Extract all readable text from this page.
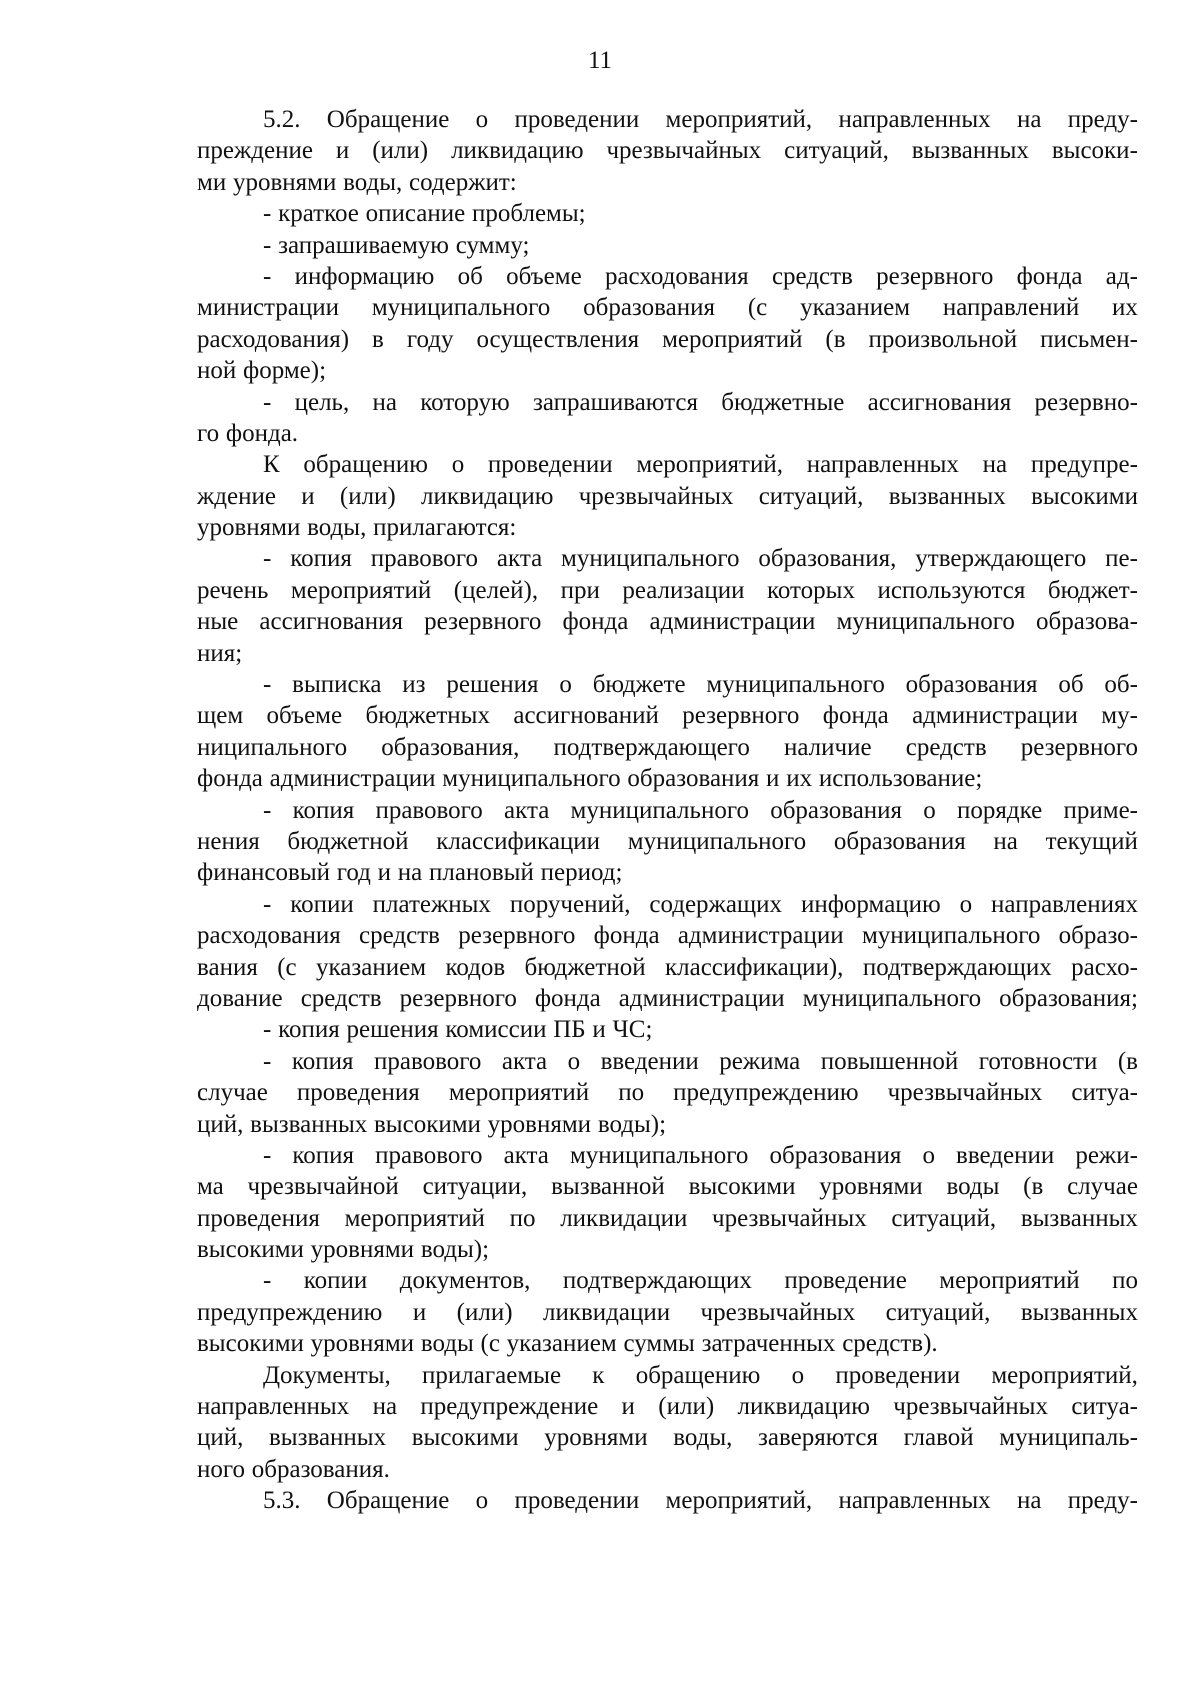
11
5.2. Обращение о проведении мероприятий, направленных на преду-
преждение и (или) ликвидацию чрезвычайных ситуаций, вызванных высоки-
ми уровнями воды, содержит:
- краткое описание проблемы;
- запрашиваемую сумму;
- информацию об объеме расходования средств резервного фонда ад-
министрации муниципального образования (с указанием направлений их
расходования) в году осуществления мероприятий (в произвольной письмен-
ной форме);
- цель, на которую запрашиваются бюджетные ассигнования резервно-
го фонда.
К обращению о проведении мероприятий, направленных на предупре-
ждение и (или) ликвидацию чрезвычайных ситуаций, вызванных высокими
уровнями воды, прилагаются:
- копия правового акта муниципального образования, утверждающего пе-
речень мероприятий (целей), при реализации которых используются бюджет-
ные ассигнования резервного фонда администрации муниципального образова-
ния;
- выписка из решения о бюджете муниципального образования об об-
щем объеме бюджетных ассигнований резервного фонда администрации му-
ниципального образования, подтверждающего наличие средств резервного
фонда администрации муниципального образования и их использование;
- копия правового акта муниципального образования о порядке приме-
нения бюджетной классификации муниципального образования на текущий
финансовый год и на плановый период;
- копии платежных поручений, содержащих информацию о направлениях
расходования средств резервного фонда администрации муниципального образо-
вания (с указанием кодов бюджетной классификации), подтверждающих расхо-
дование средств резервного фонда администрации муниципального образования;
- копия решения комиссии ПБ и ЧС;
- копия правового акта о введении режима повышенной готовности (в
случае проведения мероприятий по предупреждению чрезвычайных ситуа-
ций, вызванных высокими уровнями воды);
- копия правового акта муниципального образования о введении режи-
ма чрезвычайной ситуации, вызванной высокими уровнями воды (в случае
проведения мероприятий по ликвидации чрезвычайных ситуаций, вызванных
высокими уровнями воды);
- копии документов, подтверждающих проведение мероприятий по
предупреждению и (или) ликвидации чрезвычайных ситуаций, вызванных
высокими уровнями воды (с указанием суммы затраченных средств).
Документы, прилагаемые к обращению о проведении мероприятий,
направленных на предупреждение и (или) ликвидацию чрезвычайных ситуа-
ций, вызванных высокими уровнями воды, заверяются главой муниципаль-
ного образования.
5.3. Обращение о проведении мероприятий, направленных на преду-
